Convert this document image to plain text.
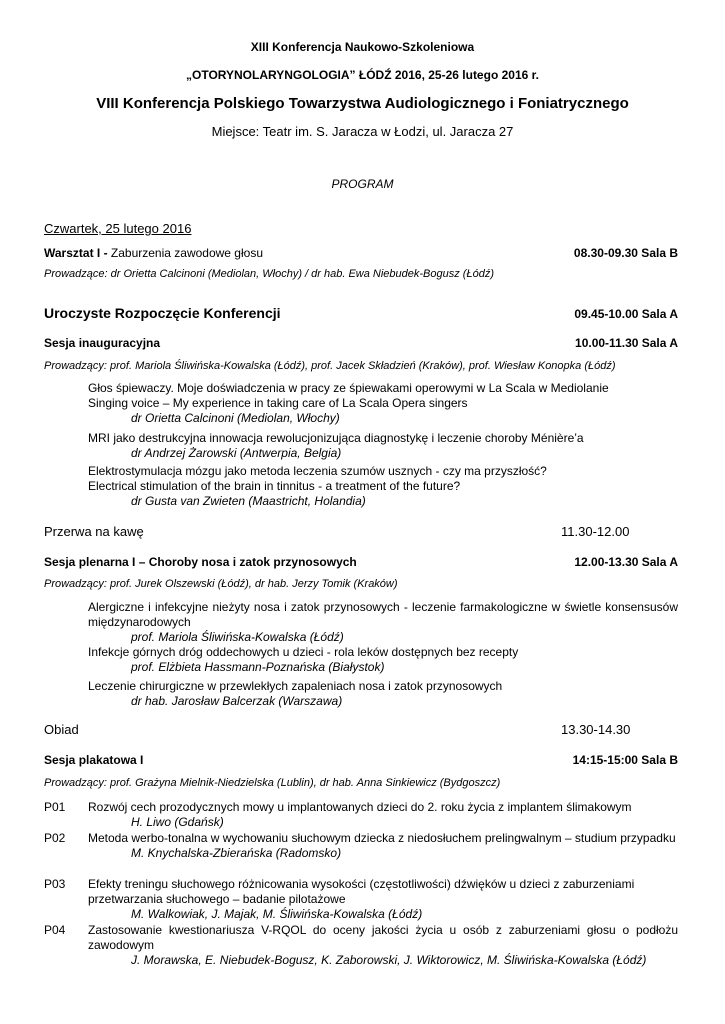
XIII Konferencja Naukowo-Szkoleniowa
„OTORYNOLARYNGOLOGIA” ŁÓDŹ 2016, 25-26 lutego 2016 r.
VIII Konferencja Polskiego Towarzystwa Audiologicznego i Foniatrycznego
Miejsce: Teatr im. S. Jaracza w Łodzi, ul. Jaracza 27
PROGRAM
Czwartek, 25 lutego 2016
Warsztat I - Zaburzenia zawodowe głosu	08.30-09.30 Sala B
Prowadzące: dr Orietta Calcinoni (Mediolan, Włochy) / dr hab. Ewa Niebudek-Bogusz (Łódź)
Uroczyste Rozpoczęcie Konferencji	09.45-10.00 Sala A
Sesja inauguracyjna	10.00-11.30 Sala A
Prowadzący: prof. Mariola Śliwińska-Kowalska (Łódź), prof. Jacek Składzień (Kraków), prof. Wiesław Konopka (Łódź)
Głos śpiewaczy. Moje doświadczenia w pracy ze śpiewakami operowymi w La Scala w Mediolanie
Singing voice – My experience in taking care of La Scala Opera singers
dr Orietta Calcinoni (Mediolan, Włochy)
MRI jako destrukcyjna innowacja rewolucjonizująca diagnostykę i leczenie choroby Ménière’a
dr Andrzej Żarowski (Antwerpia, Belgia)
Elektrostymulacja mózgu jako metoda leczenia szumów usznych - czy ma przyszłość?
Electrical stimulation of the brain in tinnitus - a treatment of the future?
dr Gusta van Zwieten (Maastricht, Holandia)
Przerwa na kawę	11.30-12.00
Sesja plenarna I – Choroby nosa i zatok przynosowych	12.00-13.30 Sala A
Prowadzący: prof. Jurek Olszewski (Łódź), dr hab. Jerzy Tomik (Kraków)
Alergiczne i infekcyjne nieżyty nosa i zatok przynosowych - leczenie farmakologiczne w świetle konsensusów międzynarodowych
prof. Mariola Śliwińska-Kowalska (Łódź)
Infekcje górnych dróg oddechowych u dzieci - rola leków dostępnych bez recepty
prof. Elżbieta Hassmann-Poznańska (Białystok)
Leczenie chirurgiczne w przewlekłych zapaleniach nosa i zatok przynosowych
dr hab. Jarosław Balcerzak (Warszawa)
Obiad	13.30-14.30
Sesja plakatowa I	14:15-15:00 Sala B
Prowadzący: prof. Grażyna Mielnik-Niedzielska (Lublin), dr hab. Anna Sinkiewicz (Bydgoszcz)
P01 Rozwój cech prozodycznych mowy u implantowanych dzieci do 2. roku życia z implantem ślimakowym
H. Liwo (Gdańsk)
P02 Metoda werbo-tonalna w wychowaniu słuchowym dziecka z niedosłuchem prelingwalnym – studium przypadku
M. Knychalska-Zbierańska (Radomsko)
P03 Efekty treningu słuchowego różnicowania wysokości (częstotliwości) dźwięków u dzieci z zaburzeniami przetwarzania słuchowego – badanie pilotażowe
M. Walkowiak, J. Majak, M. Śliwińska-Kowalska (Łódź)
P04 Zastosowanie kwestionariusza V-RQOL do oceny jakości życia u osób z zaburzeniami głosu o podłożu zawodowym
J. Morawska, E. Niebudek-Bogusz, K. Zaborowski, J. Wiktorowicz, M. Śliwińska-Kowalska (Łódź)
